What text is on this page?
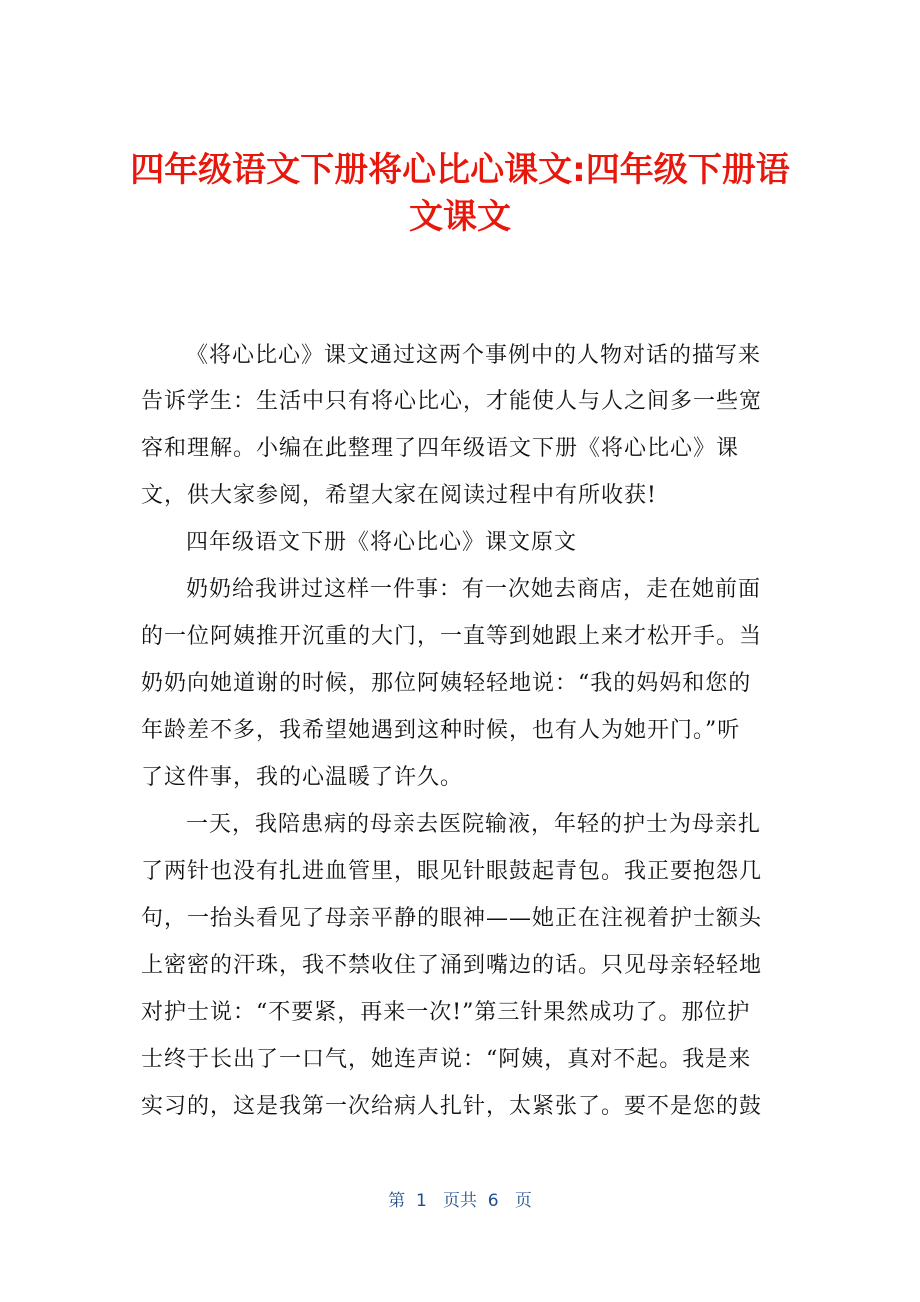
四年级语文下册将心比心课文:四年级下册语
文课文
《将心比心》课文通过这两个事例中的人物对话的描写来
告诉学生：生活中只有将心比心，才能使人与人之间多一些宽
容和理解。小编在此整理了四年级语文下册《将心比心》课
文，供大家参阅，希望大家在阅读过程中有所收获!
四年级语文下册《将心比心》课文原文
奶奶给我讲过这样一件事：有一次她去商店，走在她前面
的一位阿姨推开沉重的大门，一直等到她跟上来才松开手。当
奶奶向她道谢的时候，那位阿姨轻轻地说：“我的妈妈和您的
年龄差不多，我希望她遇到这种时候，也有人为她开门。”听
了这件事，我的心温暖了许久。
一天，我陪患病的母亲去医院输液，年轻的护士为母亲扎
了两针也没有扎进血管里，眼见针眼鼓起青包。我正要抱怨几
句，一抬头看见了母亲平静的眼神——她正在注视着护士额头
上密密的汗珠，我不禁收住了涌到嘴边的话。只见母亲轻轻地
对护士说：“不要紧，再来一次!”第三针果然成功了。那位护
士终于长出了一口气，她连声说：“阿姨，真对不起。我是来
实习的，这是我第一次给病人扎针，太紧张了。要不是您的鼓
第  1   页共  6   页
